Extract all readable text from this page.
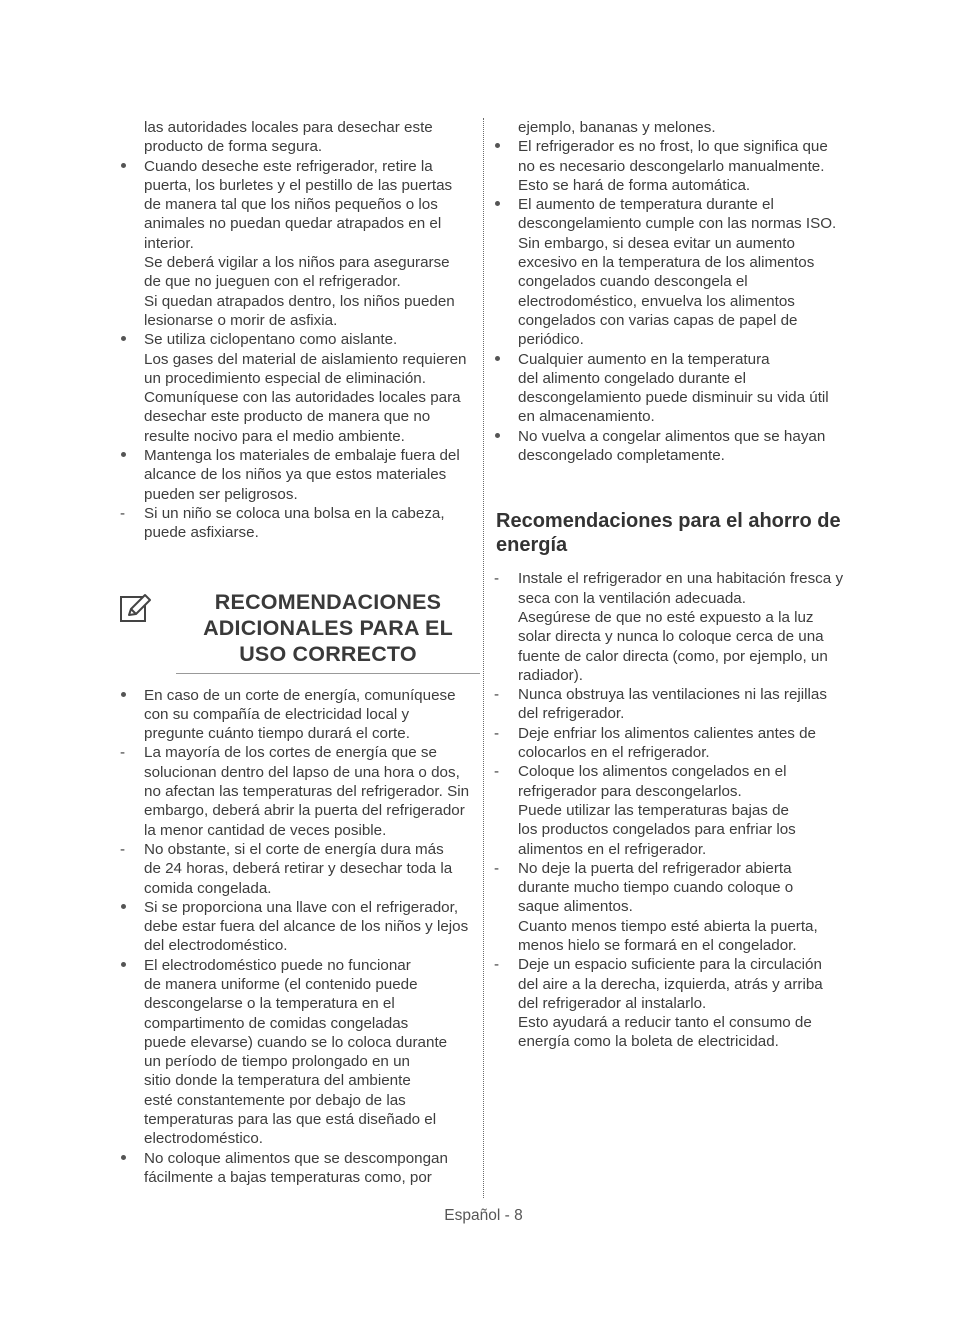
las autoridades locales para desechar este
producto de forma segura.
Cuando deseche este refrigerador, retire la
puerta, los burletes y el pestillo de las puertas
de manera tal que los niños pequeños o los
animales no puedan quedar atrapados en el
interior.
Se deberá vigilar a los niños para asegurarse
de que no jueguen con el refrigerador.
Si quedan atrapados dentro, los niños pueden
lesionarse o morir de asfixia.
Se utiliza ciclopentano como aislante.
Los gases del material de aislamiento requieren
un procedimiento especial de eliminación.
Comuníquese con las autoridades locales para
desechar este producto de manera que no
resulte nocivo para el medio ambiente.
Mantenga los materiales de embalaje fuera del
alcance de los niños ya que estos materiales
pueden ser peligrosos.
-	Si un niño se coloca una bolsa en la cabeza,
puede asfixiarse.
RECOMENDACIONES
ADICIONALES PARA EL
USO CORRECTO
En caso de un corte de energía, comuníquese
con su compañía de electricidad local y
pregunte cuánto tiempo durará el corte.
-	La mayoría de los cortes de energía que se
solucionan dentro del lapso de una hora o dos,
no afectan las temperaturas del refrigerador. Sin
embargo, deberá abrir la puerta del refrigerador
la menor cantidad de veces posible.
-	No obstante, si el corte de energía dura más
de 24 horas, deberá retirar y desechar toda la
comida congelada.
Si se proporciona una llave con el refrigerador,
debe estar fuera del alcance de los niños y lejos
del electrodoméstico.
El electrodoméstico puede no funcionar
de manera uniforme (el contenido puede
descongelarse o la temperatura en el
compartimento de comidas congeladas
puede elevarse) cuando se lo coloca durante
un período de tiempo prolongado en un
sitio donde la temperatura del ambiente
esté constantemente por debajo de las
temperaturas para las que está diseñado el
electrodoméstico.
No coloque alimentos que se descompongan
fácilmente a bajas temperaturas como, por
ejemplo, bananas y melones.
El refrigerador es no frost, lo que significa que
no es necesario descongelarlo manualmente.
Esto se hará de forma automática.
El aumento de temperatura durante el
descongelamiento cumple con las normas ISO.
Sin embargo, si desea evitar un aumento
excesivo en la temperatura de los alimentos
congelados cuando descongela el
electrodoméstico, envuelva los alimentos
congelados con varias capas de papel de
periódico.
Cualquier aumento en la temperatura
del alimento congelado durante el
descongelamiento puede disminuir su vida útil
en almacenamiento.
No vuelva a congelar alimentos que se hayan
descongelado completamente.
Recomendaciones para el ahorro de
energía
-	Instale el refrigerador en una habitación fresca y
seca con la ventilación adecuada.
Asegúrese de que no esté expuesto a la luz
solar directa y nunca lo coloque cerca de una
fuente de calor directa (como, por ejemplo, un
radiador).
-	Nunca obstruya las ventilaciones ni las rejillas
del refrigerador.
-	Deje enfriar los alimentos calientes antes de
colocarlos en el refrigerador.
-	Coloque los alimentos congelados en el
refrigerador para descongelarlos.
Puede utilizar las temperaturas bajas de
los productos congelados para enfriar los
alimentos en el refrigerador.
-	No deje la puerta del refrigerador abierta
durante mucho tiempo cuando coloque o
saque alimentos.
Cuanto menos tiempo esté abierta la puerta,
menos hielo se formará en el congelador.
-	Deje un espacio suficiente para la circulación
del aire a la derecha, izquierda, atrás y arriba
del refrigerador al instalarlo.
Esto ayudará a reducir tanto el consumo de
energía como la boleta de electricidad.
Español - 8
